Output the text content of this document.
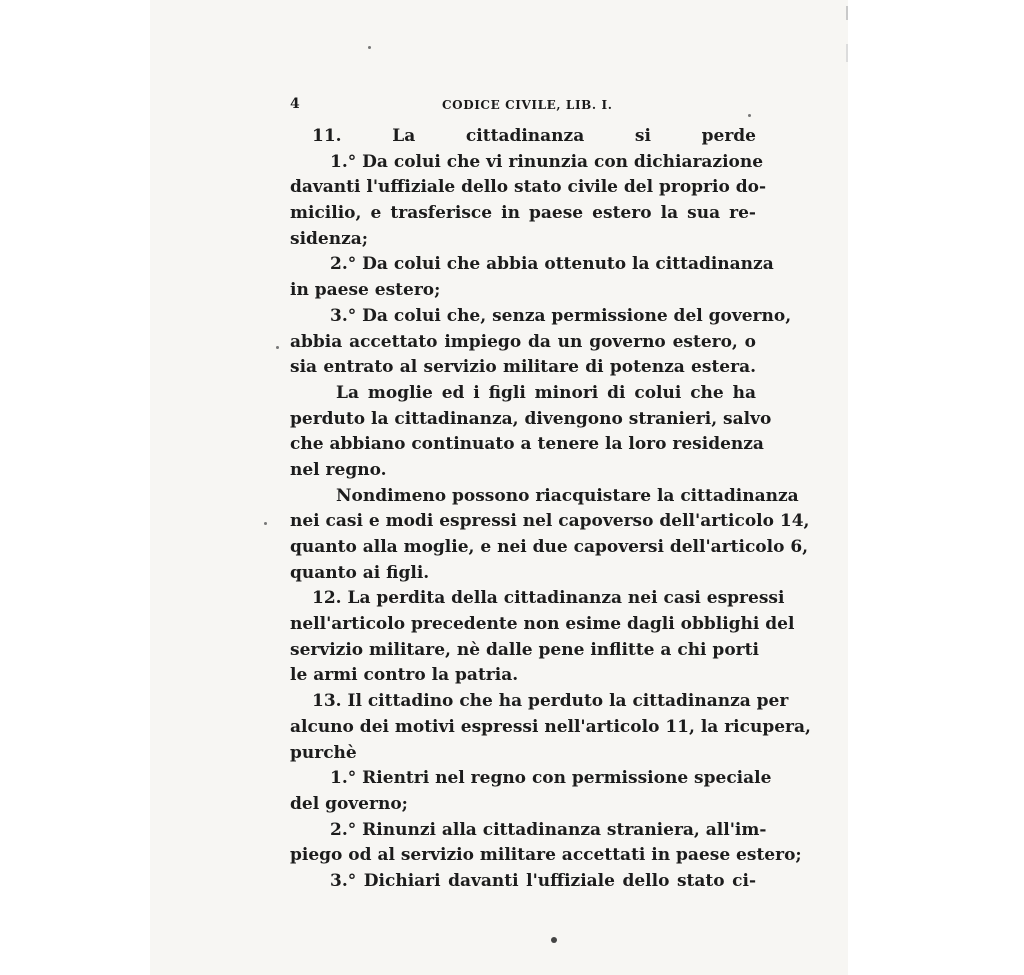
4	CODICE CIVILE, LIB. I.
11. La cittadinanza si perde
1.° Da colui che vi rinunzia con dichiarazione
davanti l'uffiziale dello stato civile del proprio do-
micilio, e trasferisce in paese estero la sua re-
sidenza;
2.° Da colui che abbia ottenuto la cittadinanza
in paese estero;
3.° Da colui che, senza permissione del governo,
abbia accettato impiego da un governo estero, o
sia entrato al servizio militare di potenza estera.
La moglie ed i figli minori di colui che ha
perduto la cittadinanza, divengono stranieri, salvo
che abbiano continuato a tenere la loro residenza
nel regno.
Nondimeno possono riacquistare la cittadinanza
nei casi e modi espressi nel capoverso dell'articolo 14,
quanto alla moglie, e nei due capoversi dell'articolo 6,
quanto ai figli.
12. La perdita della cittadinanza nei casi espressi
nell'articolo precedente non esime dagli obblighi del
servizio militare, nè dalle pene inflitte a chi porti
le armi contro la patria.
13. Il cittadino che ha perduto la cittadinanza per
alcuno dei motivi espressi nell'articolo 11, la ricupera,
purchè
1.° Rientri nel regno con permissione speciale
del governo;
2.° Rinunzi alla cittadinanza straniera, all'im-
piego od al servizio militare accettati in paese estero;
3.° Dichiari davanti l'uffiziale dello stato ci-
